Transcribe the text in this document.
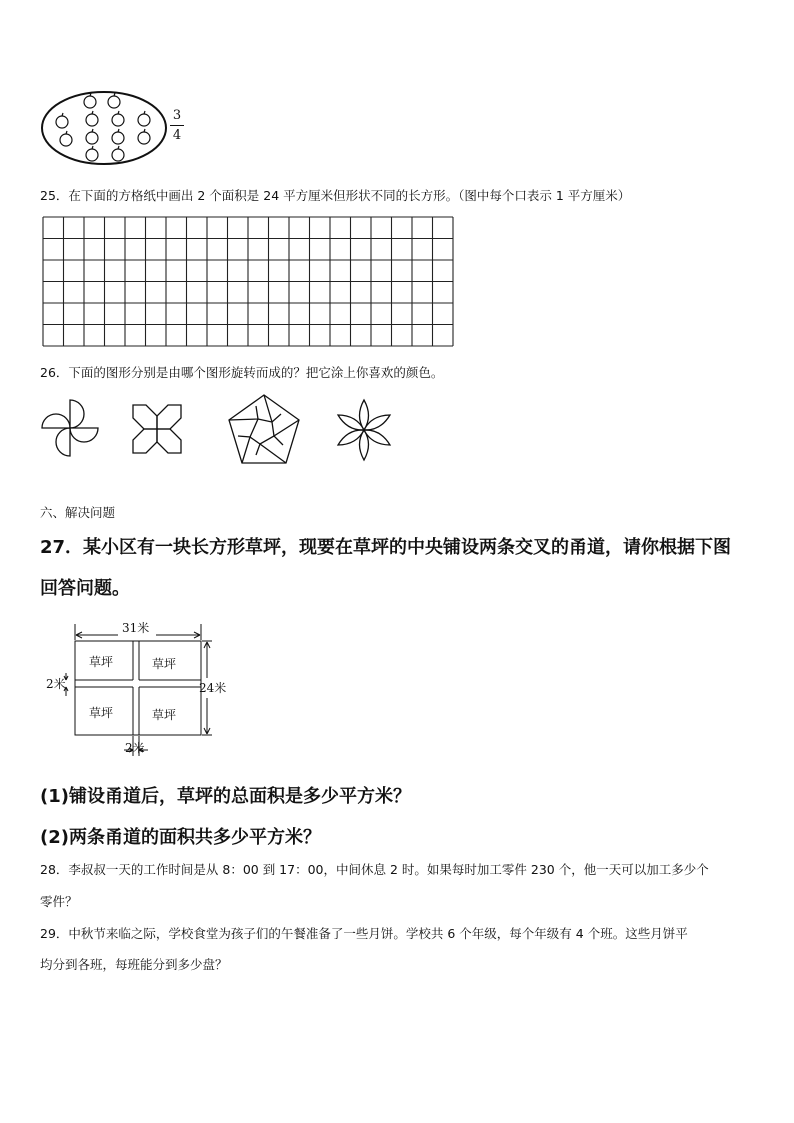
3
4
25．在下面的方格纸中画出 2 个面积是 24 平方厘米但形状不同的长方形。（图中每个口表示 1 平方厘米）
26．下面的图形分别是由哪个图形旋转而成的？把它涂上你喜欢的颜色。
六、解决问题
27．某小区有一块长方形草坪，现要在草坪的中央铺设两条交叉的甬道，请你根据下图
回答问题。
31米
24米
2米
2米
草坪	草坪
草坪	草坪
(1)铺设甬道后，草坪的总面积是多少平方米？
(2)两条甬道的面积共多少平方米？
28．李叔叔一天的工作时间是从 8：00 到 17：00，中间休息 2 时。如果每时加工零件 230 个，他一天可以加工多少个
零件？
29．中秋节来临之际，学校食堂为孩子们的午餐准备了一些月饼。学校共 6 个年级，每个年级有 4 个班。这些月饼平
均分到各班，每班能分到多少盘？
